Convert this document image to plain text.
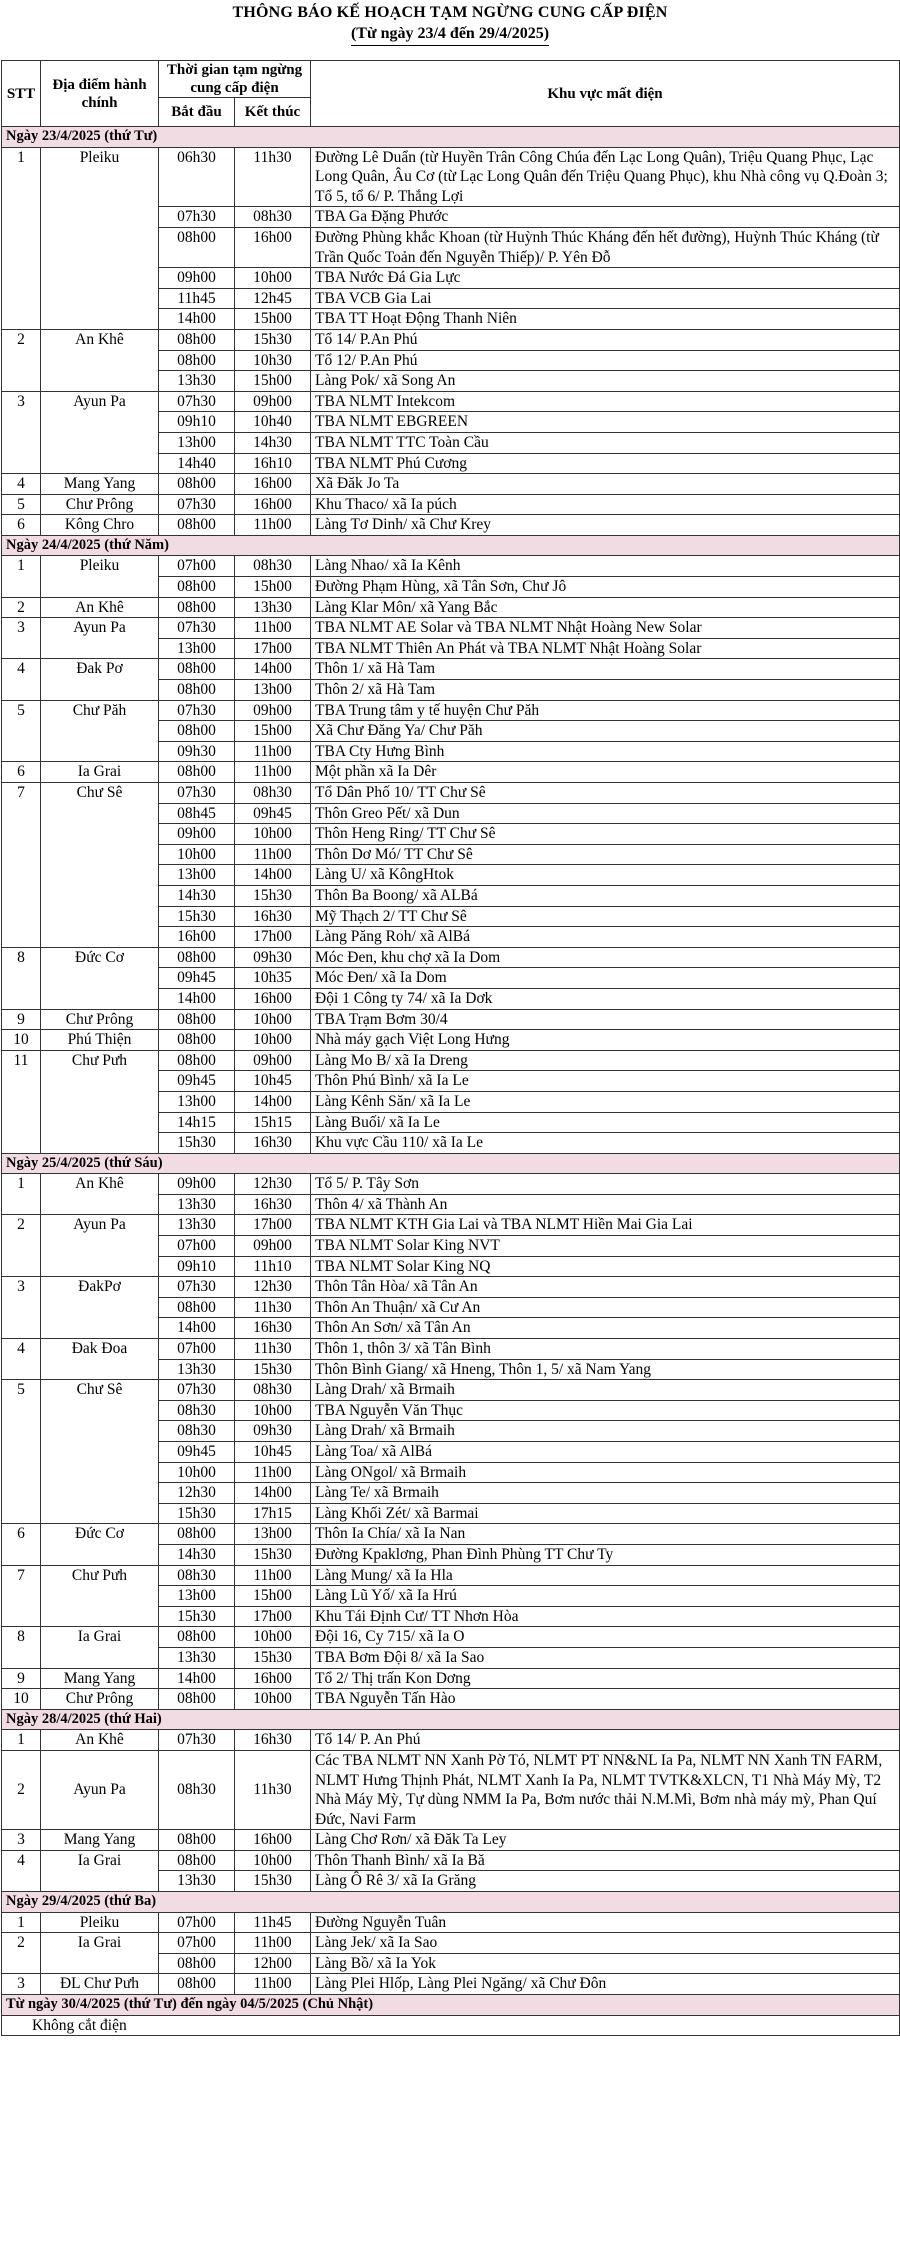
THÔNG BÁO KẾ HOẠCH TẠM NGỪNG CUNG CẤP ĐIỆN
(Từ ngày 23/4 đến 29/4/2025)
STT	Địa điểm hành chính	Thời gian tạm ngừng cung cấp điện		Khu vực mất điện
		Bắt đầu	Kết thúc	
Ngày 23/4/2025 (thứ Tư)				
1	Pleiku	06h30	11h30	Đường Lê Duẩn (từ Huyền Trân Công Chúa đến Lạc Long Quân), Triệu Quang Phục, Lạc Long Quân, Âu Cơ (từ Lạc Long Quân đến Triệu Quang Phục), khu Nhà công vụ Q.Đoàn 3; Tổ 5, tổ 6/ P. Thắng Lợi
		07h30	08h30	TBA Ga Đặng Phước
		08h00	16h00	Đường Phùng khắc Khoan (từ Huỳnh Thúc Kháng đến hết đường), Huỳnh Thúc Kháng (từ Trần Quốc Toản đến Nguyễn Thiếp)/ P. Yên Đỗ
		09h00	10h00	TBA Nước Đá Gia Lực
		11h45	12h45	TBA VCB Gia Lai
		14h00	15h00	TBA TT Hoạt Động Thanh Niên
2	An Khê	08h00	15h30	Tổ 14/ P.An Phú
		08h00	10h30	Tổ 12/ P.An Phú
		13h30	15h00	Làng Pok/ xã Song An
3	Ayun Pa	07h30	09h00	TBA NLMT Intekcom
		09h10	10h40	TBA NLMT EBGREEN
		13h00	14h30	TBA NLMT TTC Toàn Cầu
		14h40	16h10	TBA NLMT Phú Cương
4	Mang Yang	08h00	16h00	Xã Đăk Jo Ta
5	Chư Prông	07h30	16h00	Khu Thaco/ xã Ia púch
6	Kông Chro	08h00	11h00	Làng Tơ Dinh/ xã Chư Krey
Ngày 24/4/2025 (thứ Năm)				
1	Pleiku	07h00	08h30	Làng Nhao/ xã Ia Kênh
		08h00	15h00	Đường Phạm Hùng, xã Tân Sơn, Chư Jô
2	An Khê	08h00	13h30	Làng Klar Môn/ xã Yang Bắc
3	Ayun Pa	07h30	11h00	TBA NLMT AE Solar và TBA NLMT Nhật Hoàng New Solar
		13h00	17h00	TBA NLMT Thiên An Phát và TBA NLMT Nhật Hoàng Solar
4	Đak Pơ	08h00	14h00	Thôn 1/ xã Hà Tam
		08h00	13h00	Thôn 2/ xã Hà Tam
5	Chư Păh	07h30	09h00	TBA Trung tâm y tế huyện Chư Păh
		08h00	15h00	Xã Chư Đăng Ya/ Chư Păh
		09h30	11h00	TBA Cty Hưng Bình
6	Ia Grai	08h00	11h00	Một phần xã Ia Dêr
7	Chư Sê	07h30	08h30	Tổ Dân Phố 10/ TT Chư Sê
		08h45	09h45	Thôn Greo Pết/ xã Dun
		09h00	10h00	Thôn Heng Ring/ TT Chư Sê
		10h00	11h00	Thôn Dơ Mó/ TT Chư Sê
		13h00	14h00	Làng U/ xã KôngHtok
		14h30	15h30	Thôn Ba Boong/ xã ALBá
		15h30	16h30	Mỹ Thạch 2/ TT Chư Sê
		16h00	17h00	Làng Păng Roh/ xã AlBá
8	Đức Cơ	08h00	09h30	Móc Đen, khu chợ xã Ia Dom
		09h45	10h35	Móc Đen/ xã Ia Dom
		14h00	16h00	Đội 1 Công ty 74/ xã Ia Dơk
9	Chư Prông	08h00	10h00	TBA Trạm Bơm 30/4
10	Phú Thiện	08h00	10h00	Nhà máy gạch Việt Long Hưng
11	Chư Pưh	08h00	09h00	Làng Mo B/ xã Ia Dreng
		09h45	10h45	Thôn Phú Bình/ xã Ia Le
		13h00	14h00	Làng Kênh Săn/ xã Ia Le
		14h15	15h15	Làng Buối/ xã Ia Le
		15h30	16h30	Khu vực Cầu 110/ xã Ia Le
Ngày 25/4/2025 (thứ Sáu)				
1	An Khê	09h00	12h30	Tổ 5/ P. Tây Sơn
		13h30	16h30	Thôn 4/ xã Thành An
2	Ayun Pa	13h30	17h00	TBA NLMT KTH Gia Lai và TBA NLMT Hiền Mai Gia Lai
		07h00	09h00	TBA NLMT Solar King NVT
		09h10	11h10	TBA NLMT Solar King NQ
3	ĐakPơ	07h30	12h30	Thôn Tân Hòa/ xã Tân An
		08h00	11h30	Thôn An Thuận/ xã Cư An
		14h00	16h30	Thôn An Sơn/ xã Tân An
4	Đak Đoa	07h00	11h30	Thôn 1, thôn 3/ xã Tân Bình
		13h30	15h30	Thôn Bình Giang/ xã Hneng, Thôn 1, 5/ xã Nam Yang
5	Chư Sê	07h30	08h30	Làng Drah/ xã Brmaih
		08h30	10h00	TBA Nguyễn Văn Thục
		08h30	09h30	Làng Drah/ xã Brmaih
		09h45	10h45	Làng Toa/ xã AlBá
		10h00	11h00	Làng ONgol/ xã Brmaih
		12h30	14h00	Làng Te/ xã Brmaih
		15h30	17h15	Làng Khối Zét/ xã Barmai
6	Đức Cơ	08h00	13h00	Thôn Ia Chía/ xã Ia Nan
		14h30	15h30	Đường Kpaklơng, Phan Đình Phùng TT Chư Ty
7	Chư Pưh	08h30	11h00	Làng Mung/ xã Ia Hla
		13h00	15h00	Làng Lũ Yố/ xã Ia Hrú
		15h30	17h00	Khu Tái Định Cư/ TT Nhơn Hòa
8	Ia Grai	08h00	10h00	Đội 16, Cy 715/ xã Ia O
		13h30	15h30	TBA Bơm Đội 8/ xã Ia Sao
9	Mang Yang	14h00	16h00	Tổ 2/ Thị trấn Kon Dơng
10	Chư Prông	08h00	10h00	TBA Nguyễn Tấn Hào
Ngày 28/4/2025 (thứ Hai)				
1	An Khê	07h30	16h30	Tổ 14/ P. An Phú
2	Ayun Pa	08h30	11h30	Các TBA NLMT NN Xanh Pờ Tó, NLMT PT NN&NL Ia Pa, NLMT NN Xanh TN FARM, NLMT Hưng Thịnh Phát, NLMT Xanh Ia Pa, NLMT TVTK&XLCN, T1 Nhà Máy Mỳ, T2 Nhà Máy Mỳ, Tự dùng NMM Ia Pa, Bơm nước thải N.M.Mì, Bơm nhà máy mỳ, Phan Quí Đức, Navi Farm
3	Mang Yang	08h00	16h00	Làng Chơ Rơn/ xã Đăk Ta Ley
4	Ia Grai	08h00	10h00	Thôn Thanh Bình/ xã Ia Bă
		13h30	15h30	Làng Ô Rê 3/ xã Ia Grăng
Ngày 29/4/2025 (thứ Ba)				
1	Pleiku	07h00	11h45	Đường Nguyễn Tuân
2	Ia Grai	07h00	11h00	Làng Jek/ xã Ia Sao
		08h00	12h00	Làng Bồ/ xã Ia Yok
3	ĐL Chư Pưh	08h00	11h00	Làng Plei Hlốp, Làng Plei Ngăng/ xã Chư Đôn
Từ ngày 30/4/2025 (thứ Tư) đến ngày 04/5/2025 (Chủ Nhật)				
Không cắt điện				
